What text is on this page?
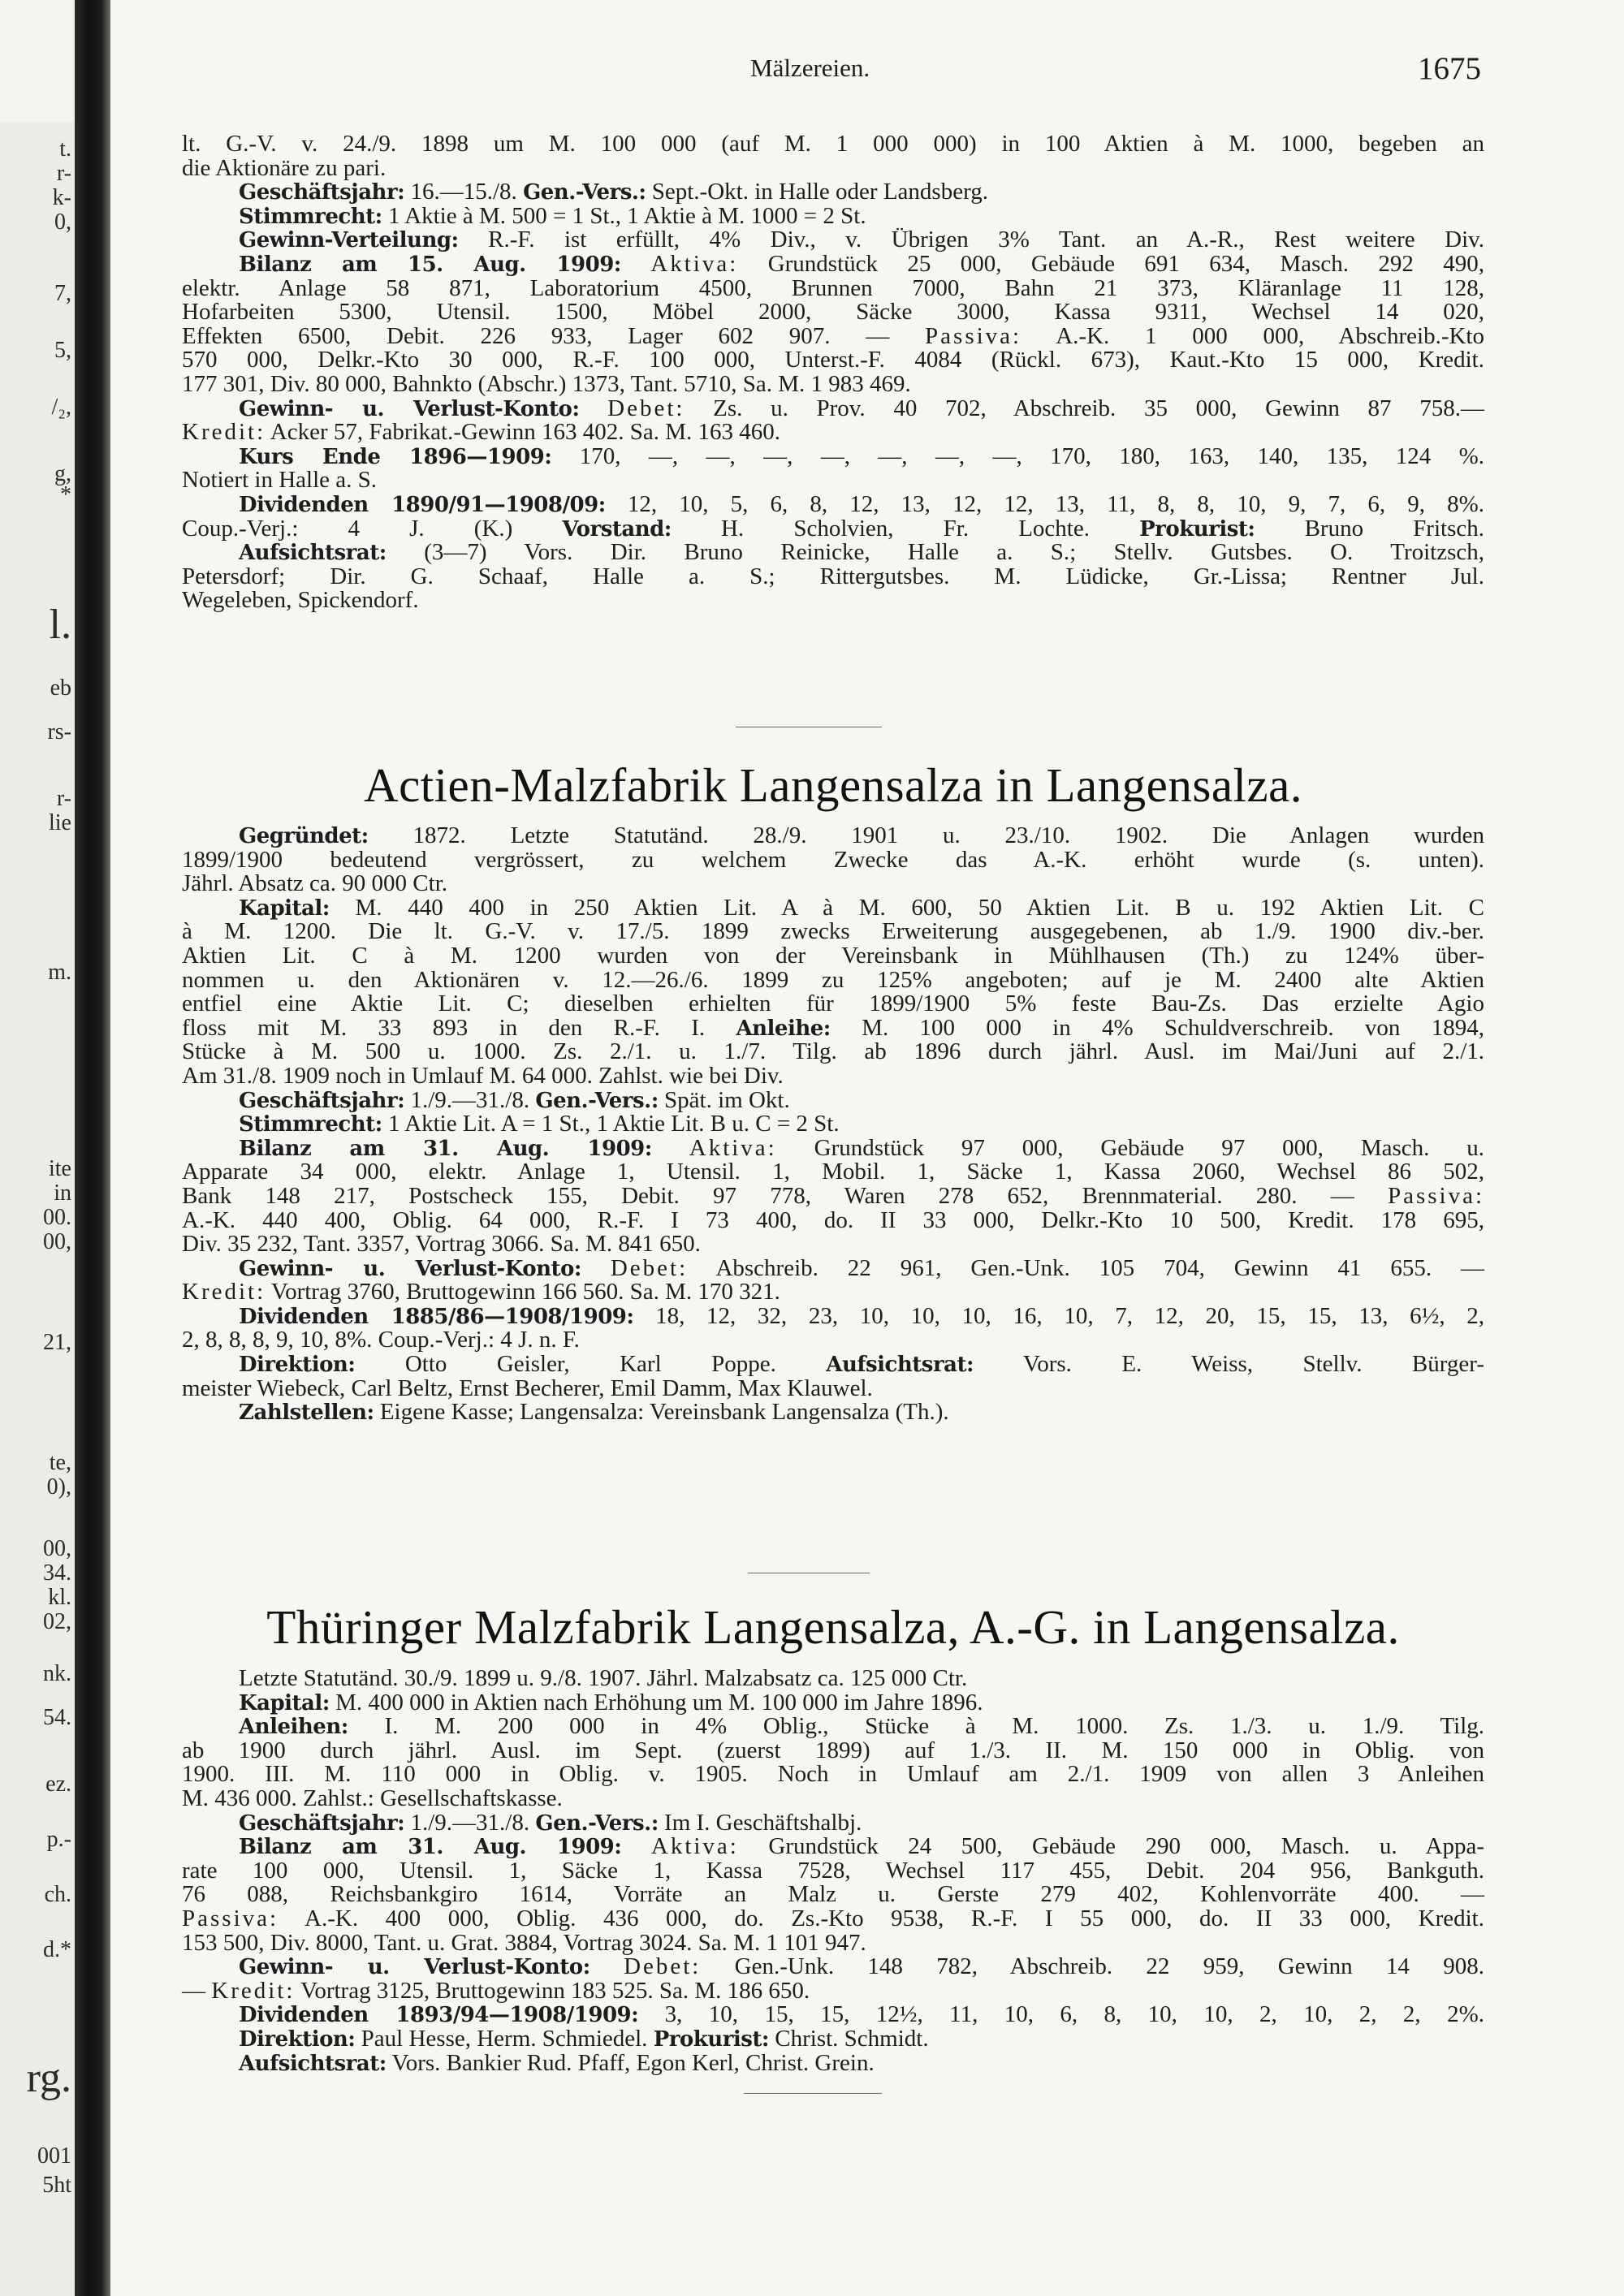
t.
r-
k-
0,
7,
5,
/₂,
g,
*
l.
eb
rs-
r-
lie
m.
ite
in
00.
00,
21,
te,
0),
00,
34.
kl.
02,
nk.
54.
ez.
p.-
ch.
d.*
rg.
001
5ht
Mälzereien.	1675
lt. G.-V. v. 24./9. 1898 um M. 100 000 (auf M. 1 000 000) in 100 Aktien à M. 1000, begeben an
die Aktionäre zu pari.
Geschäftsjahr: 16.—15./8. Gen.-Vers.: Sept.-Okt. in Halle oder Landsberg.
Stimmrecht: 1 Aktie à M. 500 = 1 St., 1 Aktie à M. 1000 = 2 St.
Gewinn-Verteilung: R.-F. ist erfüllt, 4% Div., v. Übrigen 3% Tant. an A.-R., Rest weitere Div.
Bilanz am 15. Aug. 1909: Aktiva: Grundstück 25 000, Gebäude 691 634, Masch. 292 490,
elektr. Anlage 58 871, Laboratorium 4500, Brunnen 7000, Bahn 21 373, Kläranlage 11 128,
Hofarbeiten 5300, Utensil. 1500, Möbel 2000, Säcke 3000, Kassa 9311, Wechsel 14 020,
Effekten 6500, Debit. 226 933, Lager 602 907. — Passiva: A.-K. 1 000 000, Abschreib.-Kto
570 000, Delkr.-Kto 30 000, R.-F. 100 000, Unterst.-F. 4084 (Rückl. 673), Kaut.-Kto 15 000, Kredit.
177 301, Div. 80 000, Bahnkto (Abschr.) 1373, Tant. 5710, Sa. M. 1 983 469.
Gewinn- u. Verlust-Konto: Debet: Zs. u. Prov. 40 702, Abschreib. 35 000, Gewinn 87 758.—
Kredit: Acker 57, Fabrikat.-Gewinn 163 402. Sa. M. 163 460.
Kurs Ende 1896—1909: 170, —, —, —, —, —, —, —, 170, 180, 163, 140, 135, 124 %.
Notiert in Halle a. S.
Dividenden 1890/91—1908/09: 12, 10, 5, 6, 8, 12, 13, 12, 12, 13, 11, 8, 8, 10, 9, 7, 6, 9, 8%.
Coup.-Verj.: 4 J. (K.) Vorstand: H. Scholvien, Fr. Lochte. Prokurist: Bruno Fritsch.
Aufsichtsrat: (3—7) Vors. Dir. Bruno Reinicke, Halle a. S.; Stellv. Gutsbes. O. Troitzsch,
Petersdorf; Dir. G. Schaaf, Halle a. S.; Rittergutsbes. M. Lüdicke, Gr.-Lissa; Rentner Jul.
Wegeleben, Spickendorf.
Actien-Malzfabrik Langensalza in Langensalza.
Gegründet: 1872. Letzte Statutänd. 28./9. 1901 u. 23./10. 1902. Die Anlagen wurden
1899/1900 bedeutend vergrössert, zu welchem Zwecke das A.-K. erhöht wurde (s. unten).
Jährl. Absatz ca. 90 000 Ctr.
Kapital: M. 440 400 in 250 Aktien Lit. A à M. 600, 50 Aktien Lit. B u. 192 Aktien Lit. C
à M. 1200. Die lt. G.-V. v. 17./5. 1899 zwecks Erweiterung ausgegebenen, ab 1./9. 1900 div.-ber.
Aktien Lit. C à M. 1200 wurden von der Vereinsbank in Mühlhausen (Th.) zu 124% über-
nommen u. den Aktionären v. 12.—26./6. 1899 zu 125% angeboten; auf je M. 2400 alte Aktien
entfiel eine Aktie Lit. C; dieselben erhielten für 1899/1900 5% feste Bau-Zs. Das erzielte Agio
floss mit M. 33 893 in den R.-F. I. Anleihe: M. 100 000 in 4% Schuldverschreib. von 1894,
Stücke à M. 500 u. 1000. Zs. 2./1. u. 1./7. Tilg. ab 1896 durch jährl. Ausl. im Mai/Juni auf 2./1.
Am 31./8. 1909 noch in Umlauf M. 64 000. Zahlst. wie bei Div.
Geschäftsjahr: 1./9.—31./8. Gen.-Vers.: Spät. im Okt.
Stimmrecht: 1 Aktie Lit. A = 1 St., 1 Aktie Lit. B u. C = 2 St.
Bilanz am 31. Aug. 1909: Aktiva: Grundstück 97 000, Gebäude 97 000, Masch. u.
Apparate 34 000, elektr. Anlage 1, Utensil. 1, Mobil. 1, Säcke 1, Kassa 2060, Wechsel 86 502,
Bank 148 217, Postscheck 155, Debit. 97 778, Waren 278 652, Brennmaterial. 280. — Passiva:
A.-K. 440 400, Oblig. 64 000, R.-F. I 73 400, do. II 33 000, Delkr.-Kto 10 500, Kredit. 178 695,
Div. 35 232, Tant. 3357, Vortrag 3066. Sa. M. 841 650.
Gewinn- u. Verlust-Konto: Debet: Abschreib. 22 961, Gen.-Unk. 105 704, Gewinn 41 655. —
Kredit: Vortrag 3760, Bruttogewinn 166 560. Sa. M. 170 321.
Dividenden 1885/86—1908/1909: 18, 12, 32, 23, 10, 10, 10, 16, 10, 7, 12, 20, 15, 15, 13, 6½, 2,
2, 8, 8, 8, 9, 10, 8%. Coup.-Verj.: 4 J. n. F.
Direktion: Otto Geisler, Karl Poppe. Aufsichtsrat: Vors. E. Weiss, Stellv. Bürger-
meister Wiebeck, Carl Beltz, Ernst Becherer, Emil Damm, Max Klauwel.
Zahlstellen: Eigene Kasse; Langensalza: Vereinsbank Langensalza (Th.).
Thüringer Malzfabrik Langensalza, A.-G. in Langensalza.
Letzte Statutänd. 30./9. 1899 u. 9./8. 1907. Jährl. Malzabsatz ca. 125 000 Ctr.
Kapital: M. 400 000 in Aktien nach Erhöhung um M. 100 000 im Jahre 1896.
Anleihen: I. M. 200 000 in 4% Oblig., Stücke à M. 1000. Zs. 1./3. u. 1./9. Tilg.
ab 1900 durch jährl. Ausl. im Sept. (zuerst 1899) auf 1./3. II. M. 150 000 in Oblig. von
1900. III. M. 110 000 in Oblig. v. 1905. Noch in Umlauf am 2./1. 1909 von allen 3 Anleihen
M. 436 000. Zahlst.: Gesellschaftskasse.
Geschäftsjahr: 1./9.—31./8. Gen.-Vers.: Im I. Geschäftshalbj.
Bilanz am 31. Aug. 1909: Aktiva: Grundstück 24 500, Gebäude 290 000, Masch. u. Appa-
rate 100 000, Utensil. 1, Säcke 1, Kassa 7528, Wechsel 117 455, Debit. 204 956, Bankguth.
76 088, Reichsbankgiro 1614, Vorräte an Malz u. Gerste 279 402, Kohlenvorräte 400. —
Passiva: A.-K. 400 000, Oblig. 436 000, do. Zs.-Kto 9538, R.-F. I 55 000, do. II 33 000, Kredit.
153 500, Div. 8000, Tant. u. Grat. 3884, Vortrag 3024. Sa. M. 1 101 947.
Gewinn- u. Verlust-Konto: Debet: Gen.-Unk. 148 782, Abschreib. 22 959, Gewinn 14 908.
— Kredit: Vortrag 3125, Bruttogewinn 183 525. Sa. M. 186 650.
Dividenden 1893/94—1908/1909: 3, 10, 15, 15, 12½, 11, 10, 6, 8, 10, 10, 2, 10, 2, 2, 2%.
Direktion: Paul Hesse, Herm. Schmiedel. Prokurist: Christ. Schmidt.
Aufsichtsrat: Vors. Bankier Rud. Pfaff, Egon Kerl, Christ. Grein.
